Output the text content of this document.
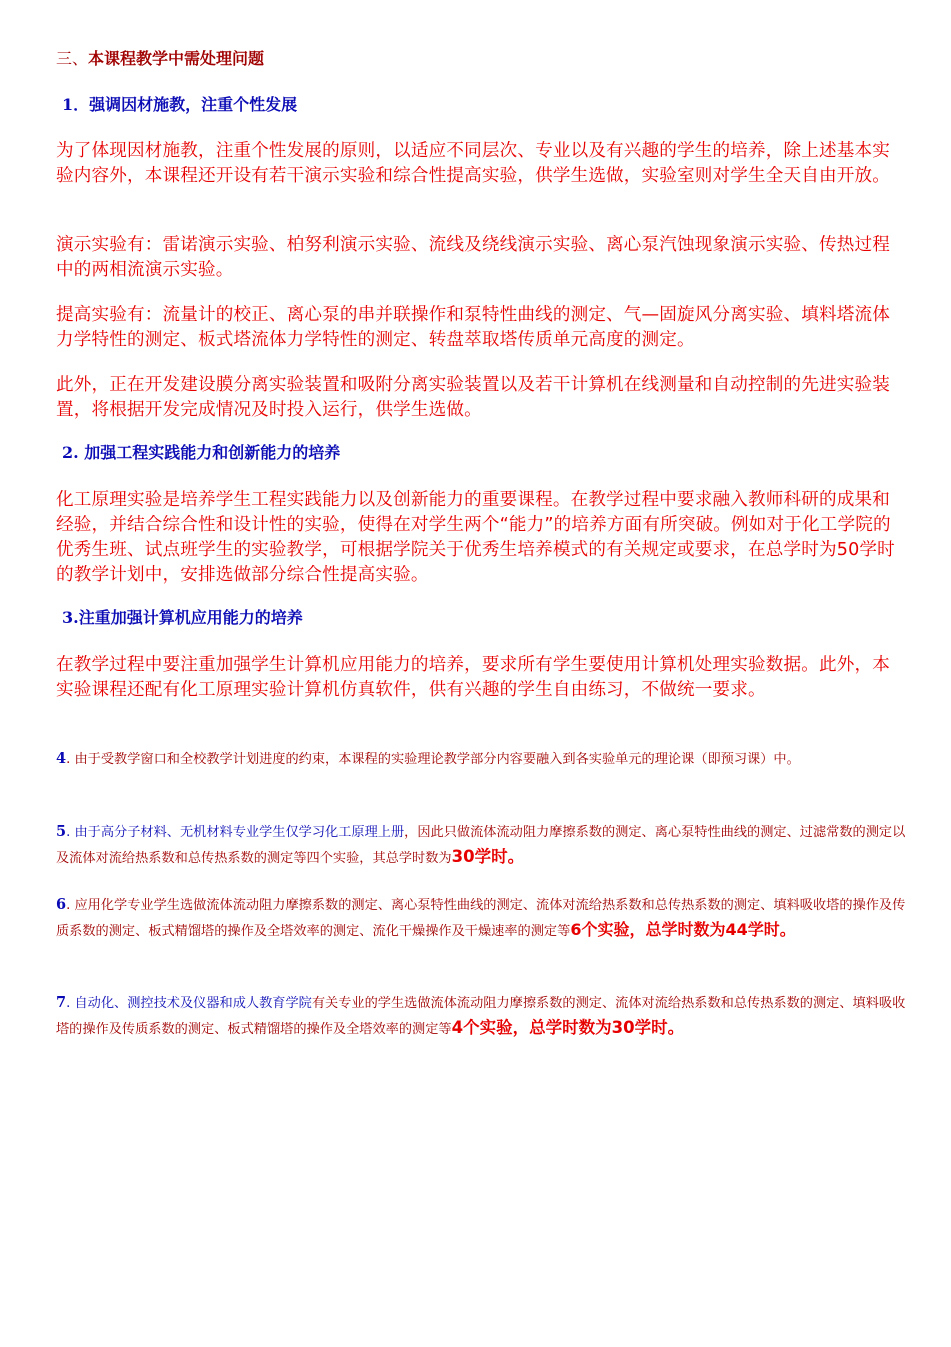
三、本课程教学中需处理问题
1．强调因材施教，注重个性发展
为了体现因材施教，注重个性发展的原则，以适应不同层次、专业以及有兴趣的学生的培养，除上述基本实验内容外，本课程还开设有若干演示实验和综合性提高实验，供学生选做，实验室则对学生全天自由开放。
演示实验有：雷诺演示实验、柏努利演示实验、流线及绕线演示实验、离心泵汽蚀现象演示实验、传热过程中的两相流演示实验。
提高实验有：流量计的校正、离心泵的串并联操作和泵特性曲线的测定、气—固旋风分离实验、填料塔流体力学特性的测定、板式塔流体力学特性的测定、转盘萃取塔传质单元高度的测定。
此外，正在开发建设膜分离实验装置和吸附分离实验装置以及若干计算机在线测量和自动控制的先进实验装置，将根据开发完成情况及时投入运行，供学生选做。
2. 加强工程实践能力和创新能力的培养
化工原理实验是培养学生工程实践能力以及创新能力的重要课程。在教学过程中要求融入教师科研的成果和经验，并结合综合性和设计性的实验，使得在对学生两个“能力”的培养方面有所突破。例如对于化工学院的优秀生班、试点班学生的实验教学，可根据学院关于优秀生培养模式的有关规定或要求，在总学时为50学时的教学计划中，安排选做部分综合性提高实验。
3.注重加强计算机应用能力的培养
在教学过程中要注重加强学生计算机应用能力的培养，要求所有学生要使用计算机处理实验数据。此外，本实验课程还配有化工原理实验计算机仿真软件，供有兴趣的学生自由练习，不做统一要求。
4. 由于受教学窗口和全校教学计划进度的约束，本课程的实验理论教学部分内容要融入到各实验单元的理论课（即预习课）中。
5. 由于高分子材料、无机材料专业学生仅学习化工原理上册，因此只做流体流动阻力摩擦系数的测定、离心泵特性曲线的测定、过滤常数的测定以及流体对流给热系数和总传热系数的测定等四个实验，其总学时数为30学时。
6. 应用化学专业学生选做流体流动阻力摩擦系数的测定、离心泵特性曲线的测定、流体对流给热系数和总传热系数的测定、填料吸收塔的操作及传质系数的测定、板式精馏塔的操作及全塔效率的测定、流化干燥操作及干燥速率的测定等6个实验，总学时数为44学时。
7. 自动化、测控技术及仪器和成人教育学院有关专业的学生选做流体流动阻力摩擦系数的测定、流体对流给热系数和总传热系数的测定、填料吸收塔的操作及传质系数的测定、板式精馏塔的操作及全塔效率的测定等4个实验，总学时数为30学时。
